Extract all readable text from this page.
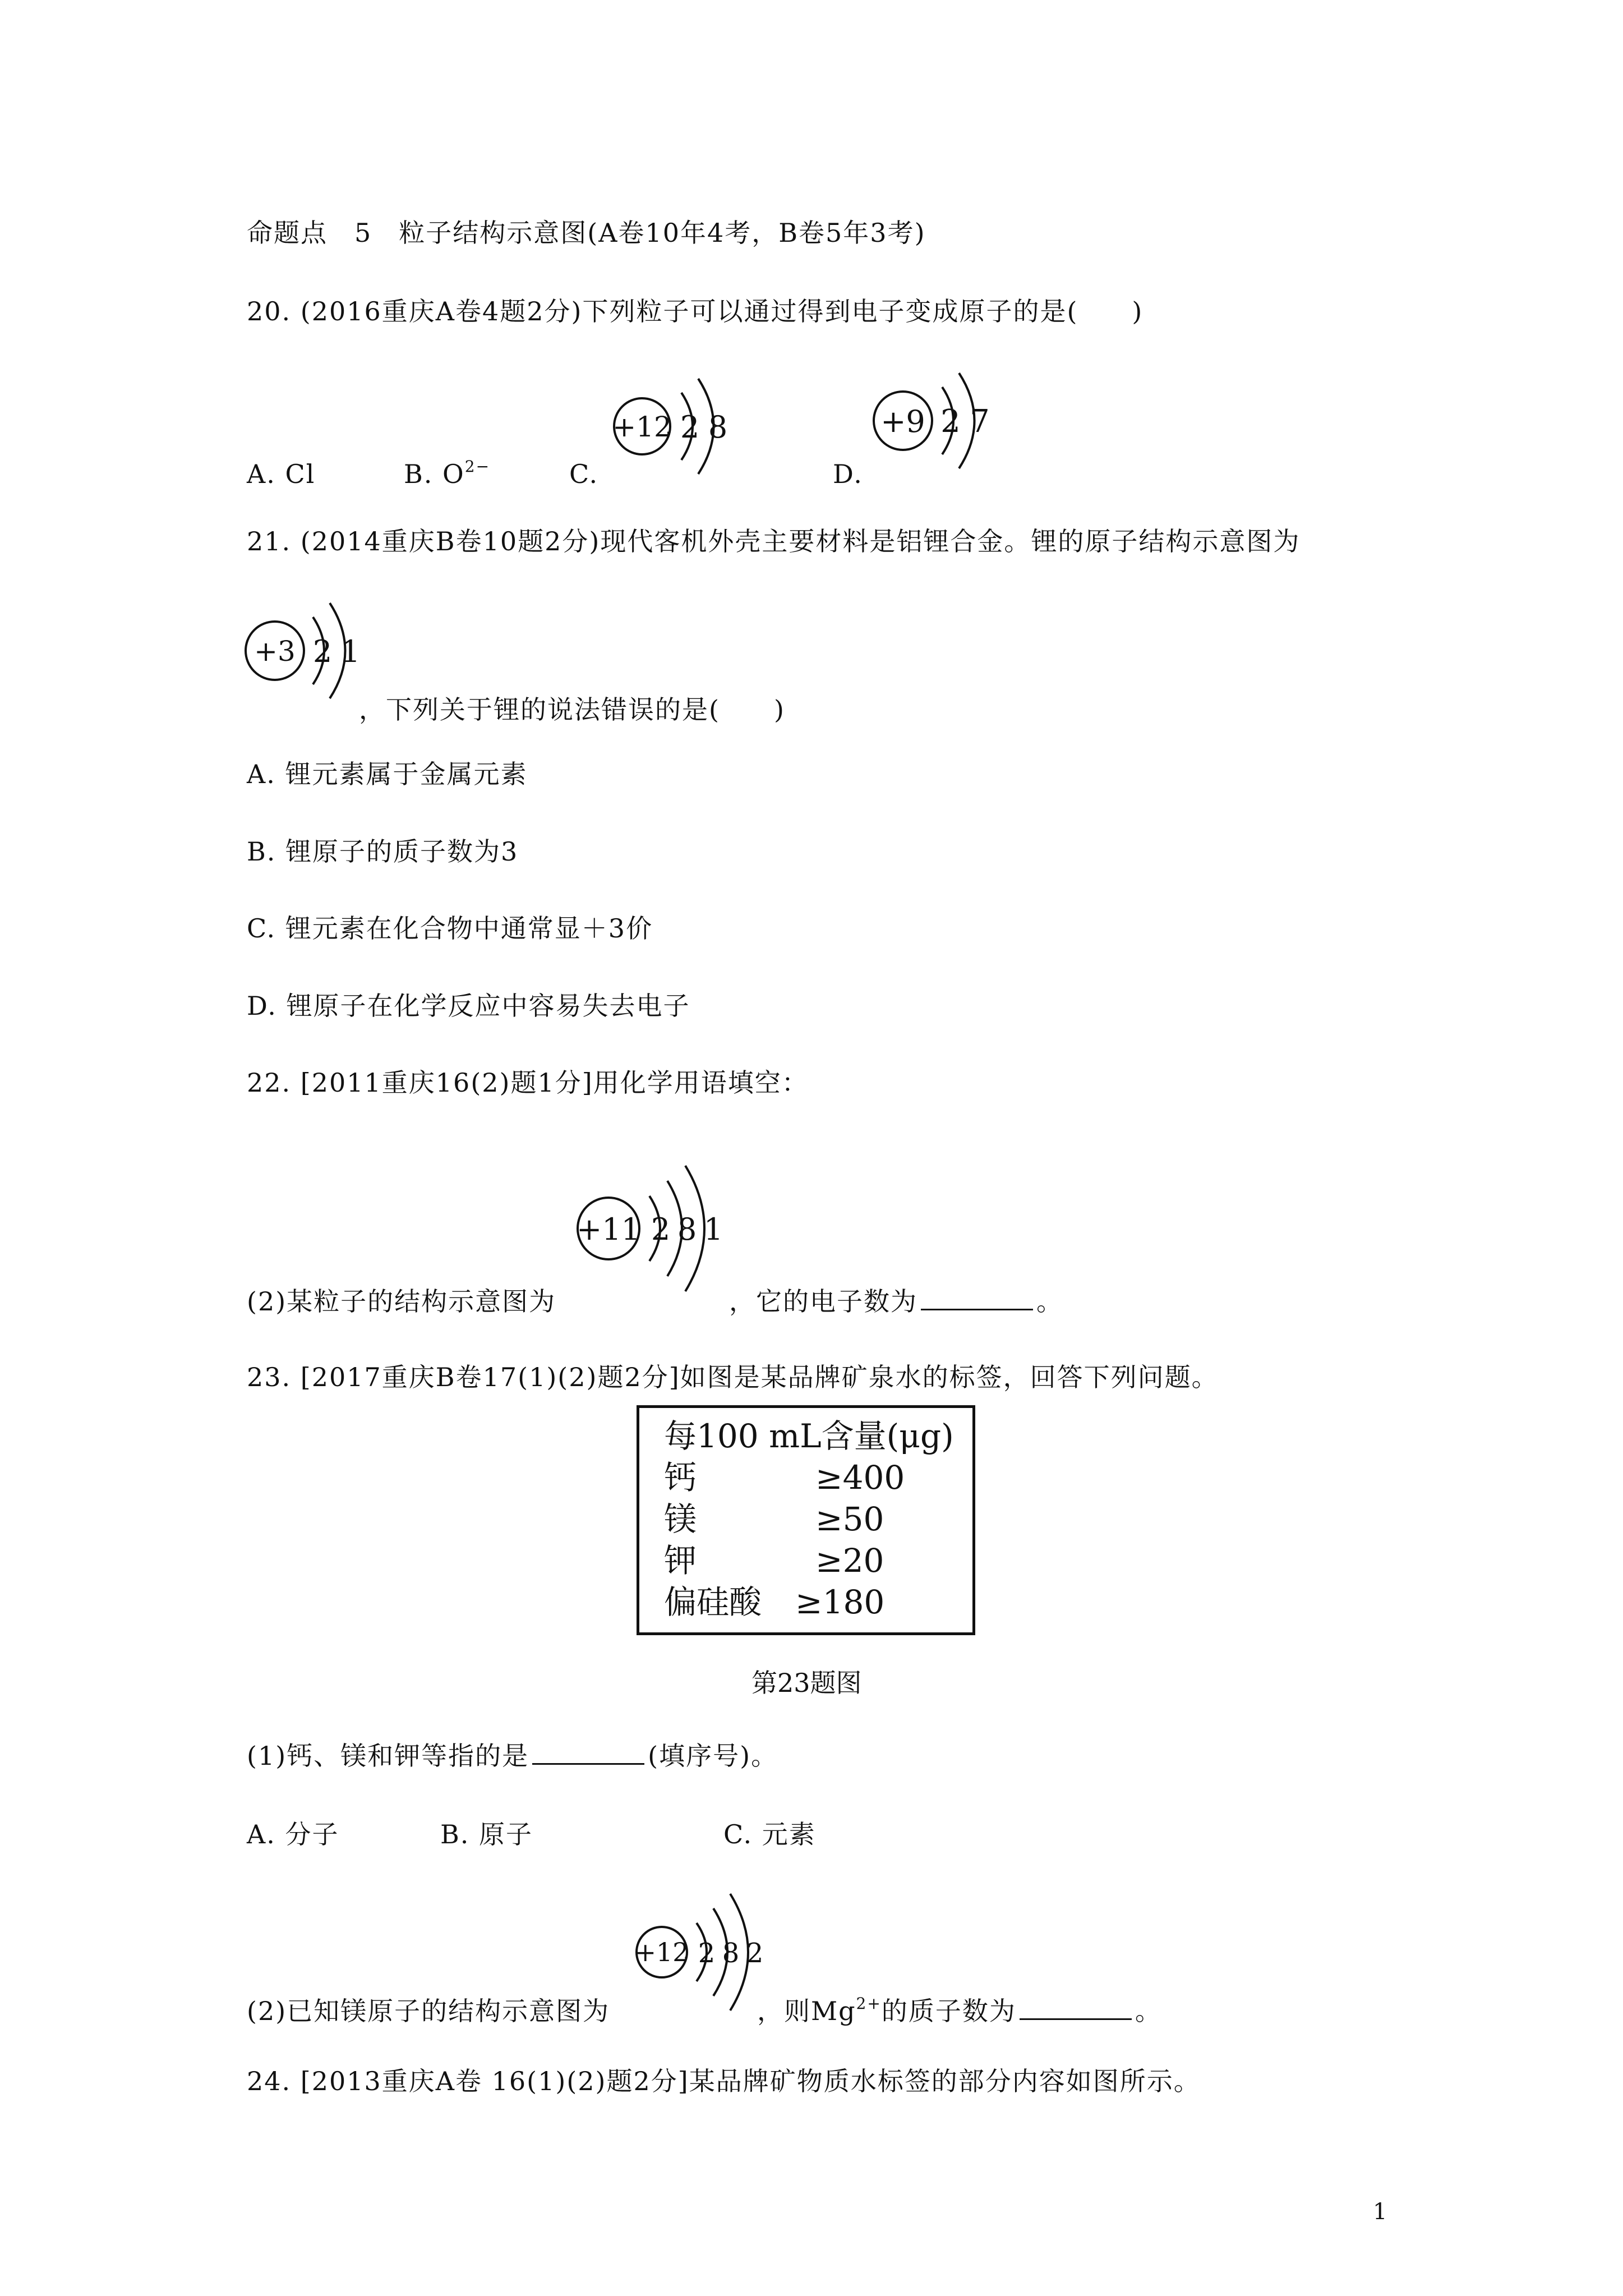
命题点　5　粒子结构示意图(A卷10年4考，B卷5年3考)
20. (2016重庆A卷4题2分)下列粒子可以通过得到电子变成原子的是(　　)
+12 2 8	+9 2 7
A. Cl	B. $O^{2-}$	C.	D.
21. (2014重庆B卷10题2分)现代客机外壳主要材料是铝锂合金。锂的原子结构示意图为
+3 2 1
，下列关于锂的说法错误的是(　　)
A. 锂元素属于金属元素
B. 锂原子的质子数为3
C. 锂元素在化合物中通常显＋3价
D. 锂原子在化学反应中容易失去电子
22. [2011重庆16(2)题1分]用化学用语填空：
+11 2 8 1
(2)某粒子的结构示意图为	，它的电子数为	。
23. [2017重庆B卷17(1)(2)题2分]如图是某品牌矿泉水的标签，回答下列问题。
每100 mL含量(μg)
钙	≥400
镁	≥50
钾	≥20
偏硅酸 ≥180
第23题图
(1)钙、镁和钾等指的是	(填序号)。
A. 分子	B. 原子	C. 元素
+12 2 8 2
(2)已知镁原子的结构示意图为	，则$Mg^{2+}$的质子数为	。
24. [2013重庆A卷 16(1)(2)题2分]某品牌矿物质水标签的部分内容如图所示。
1
